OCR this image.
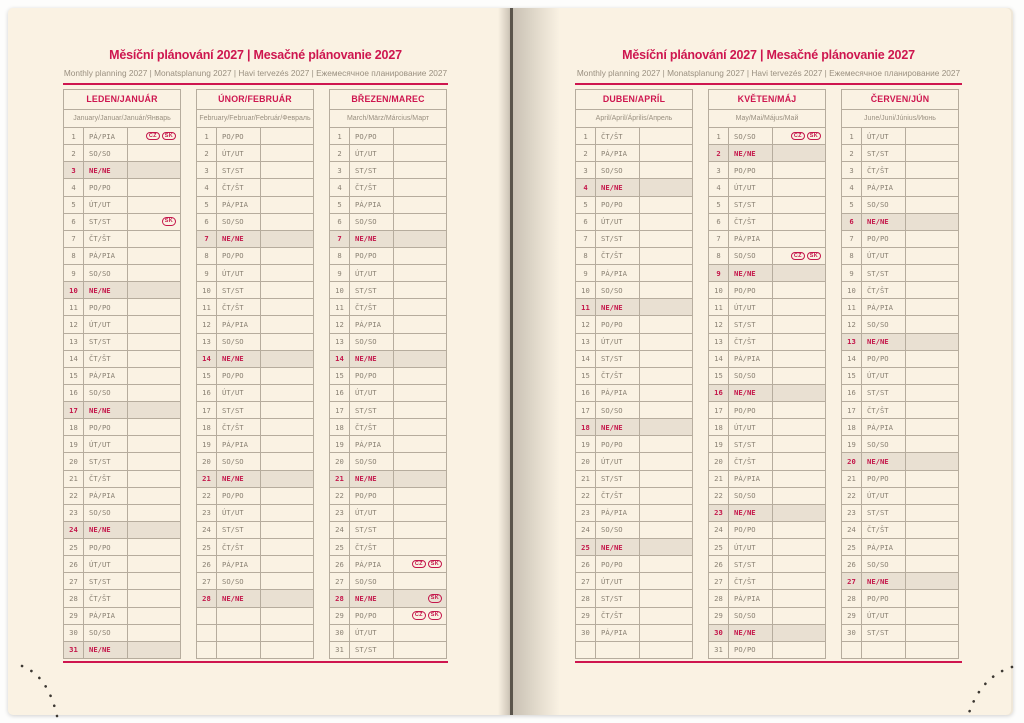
Měsíční plánování 2027 | Mesačné plánovanie 2027
Monthly planning 2027 | Monatsplanung 2027 | Havi tervezés 2027 | Ежемесячное планирование 2027
LEDEN/JANUÁR
January/Januar/Január/Январь
1	PÁ/PIA	CZ	SK
2	SO/SO
3	NE/NE
4	PO/PO
5	ÚT/UT
6	ST/ST	SK
7	ČT/ŠT
8	PÁ/PIA
9	SO/SO
10	NE/NE
11	PO/PO
12	ÚT/UT
13	ST/ST
14	ČT/ŠT
15	PÁ/PIA
16	SO/SO
17	NE/NE
18	PO/PO
19	ÚT/UT
20	ST/ST
21	ČT/ŠT
22	PÁ/PIA
23	SO/SO
24	NE/NE
25	PO/PO
26	ÚT/UT
27	ST/ST
28	ČT/ŠT
29	PÁ/PIA
30	SO/SO
31	NE/NE
ÚNOR/FEBRUÁR
February/Februar/Február/Февраль
1	PO/PO
2	ÚT/UT
3	ST/ST
4	ČT/ŠT
5	PÁ/PIA
6	SO/SO
7	NE/NE
8	PO/PO
9	ÚT/UT
10	ST/ST
11	ČT/ŠT
12	PÁ/PIA
13	SO/SO
14	NE/NE
15	PO/PO
16	ÚT/UT
17	ST/ST
18	ČT/ŠT
19	PÁ/PIA
20	SO/SO
21	NE/NE
22	PO/PO
23	ÚT/UT
24	ST/ST
25	ČT/ŠT
26	PÁ/PIA
27	SO/SO
28	NE/NE
BŘEZEN/MAREC
March/März/Március/Март
1	PO/PO
2	ÚT/UT
3	ST/ST
4	ČT/ŠT
5	PÁ/PIA
6	SO/SO
7	NE/NE
8	PO/PO
9	ÚT/UT
10	ST/ST
11	ČT/ŠT
12	PÁ/PIA
13	SO/SO
14	NE/NE
15	PO/PO
16	ÚT/UT
17	ST/ST
18	ČT/ŠT
19	PÁ/PIA
20	SO/SO
21	NE/NE
22	PO/PO
23	ÚT/UT
24	ST/ST
25	ČT/ŠT
26	PÁ/PIA	CZ	SK
27	SO/SO
28	NE/NE	SK
29	PO/PO	CZ	SK
30	ÚT/UT
31	ST/ST
Měsíční plánování 2027 | Mesačné plánovanie 2027
Monthly planning 2027 | Monatsplanung 2027 | Havi tervezés 2027 | Ежемесячное планирование 2027
DUBEN/APRÍL
April/April/Április/Апрель
1	ČT/ŠT
2	PÁ/PIA
3	SO/SO
4	NE/NE
5	PO/PO
6	ÚT/UT
7	ST/ST
8	ČT/ŠT
9	PÁ/PIA
10	SO/SO
11	NE/NE
12	PO/PO
13	ÚT/UT
14	ST/ST
15	ČT/ŠT
16	PÁ/PIA
17	SO/SO
18	NE/NE
19	PO/PO
20	ÚT/UT
21	ST/ST
22	ČT/ŠT
23	PÁ/PIA
24	SO/SO
25	NE/NE
26	PO/PO
27	ÚT/UT
28	ST/ST
29	ČT/ŠT
30	PÁ/PIA
KVĚTEN/MÁJ
May/Mai/Május/Май
1	SO/SO	CZ	SK
2	NE/NE
3	PO/PO
4	ÚT/UT
5	ST/ST
6	ČT/ŠT
7	PÁ/PIA
8	SO/SO	CZ	SK
9	NE/NE
10	PO/PO
11	ÚT/UT
12	ST/ST
13	ČT/ŠT
14	PÁ/PIA
15	SO/SO
16	NE/NE
17	PO/PO
18	ÚT/UT
19	ST/ST
20	ČT/ŠT
21	PÁ/PIA
22	SO/SO
23	NE/NE
24	PO/PO
25	ÚT/UT
26	ST/ST
27	ČT/ŠT
28	PÁ/PIA
29	SO/SO
30	NE/NE
31	PO/PO
ČERVEN/JÚN
June/Juni/Június/Июнь
1	ÚT/UT
2	ST/ST
3	ČT/ŠT
4	PÁ/PIA
5	SO/SO
6	NE/NE
7	PO/PO
8	ÚT/UT
9	ST/ST
10	ČT/ŠT
11	PÁ/PIA
12	SO/SO
13	NE/NE
14	PO/PO
15	ÚT/UT
16	ST/ST
17	ČT/ŠT
18	PÁ/PIA
19	SO/SO
20	NE/NE
21	PO/PO
22	ÚT/UT
23	ST/ST
24	ČT/ŠT
25	PÁ/PIA
26	SO/SO
27	NE/NE
28	PO/PO
29	ÚT/UT
30	ST/ST
